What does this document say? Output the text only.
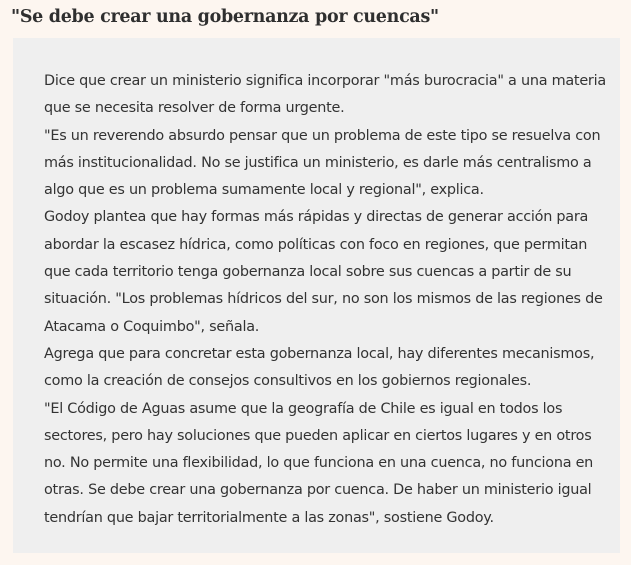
"Se debe crear una gobernanza por cuencas"

Dice que crear un ministerio significa incorporar "más burocracia" a una materia
que se necesita resolver de forma urgente.
"Es un reverendo absurdo pensar que un problema de este tipo se resuelva con
más institucionalidad. No se justifica un ministerio, es darle más centralismo a
algo que es un problema sumamente local y regional", explica.
Godoy plantea que hay formas más rápidas y directas de generar acción para
abordar la escasez hídrica, como políticas con foco en regiones, que permitan
que cada territorio tenga gobernanza local sobre sus cuencas a partir de su
situación. "Los problemas hídricos del sur, no son los mismos de las regiones de
Atacama o Coquimbo", señala.
Agrega que para concretar esta gobernanza local, hay diferentes mecanismos,
como la creación de consejos consultivos en los gobiernos regionales.
"El Código de Aguas asume que la geografía de Chile es igual en todos los
sectores, pero hay soluciones que pueden aplicar en ciertos lugares y en otros
no. No permite una flexibilidad, lo que funciona en una cuenca, no funciona en
otras. Se debe crear una gobernanza por cuenca. De haber un ministerio igual
tendrían que bajar territorialmente a las zonas", sostiene Godoy.
